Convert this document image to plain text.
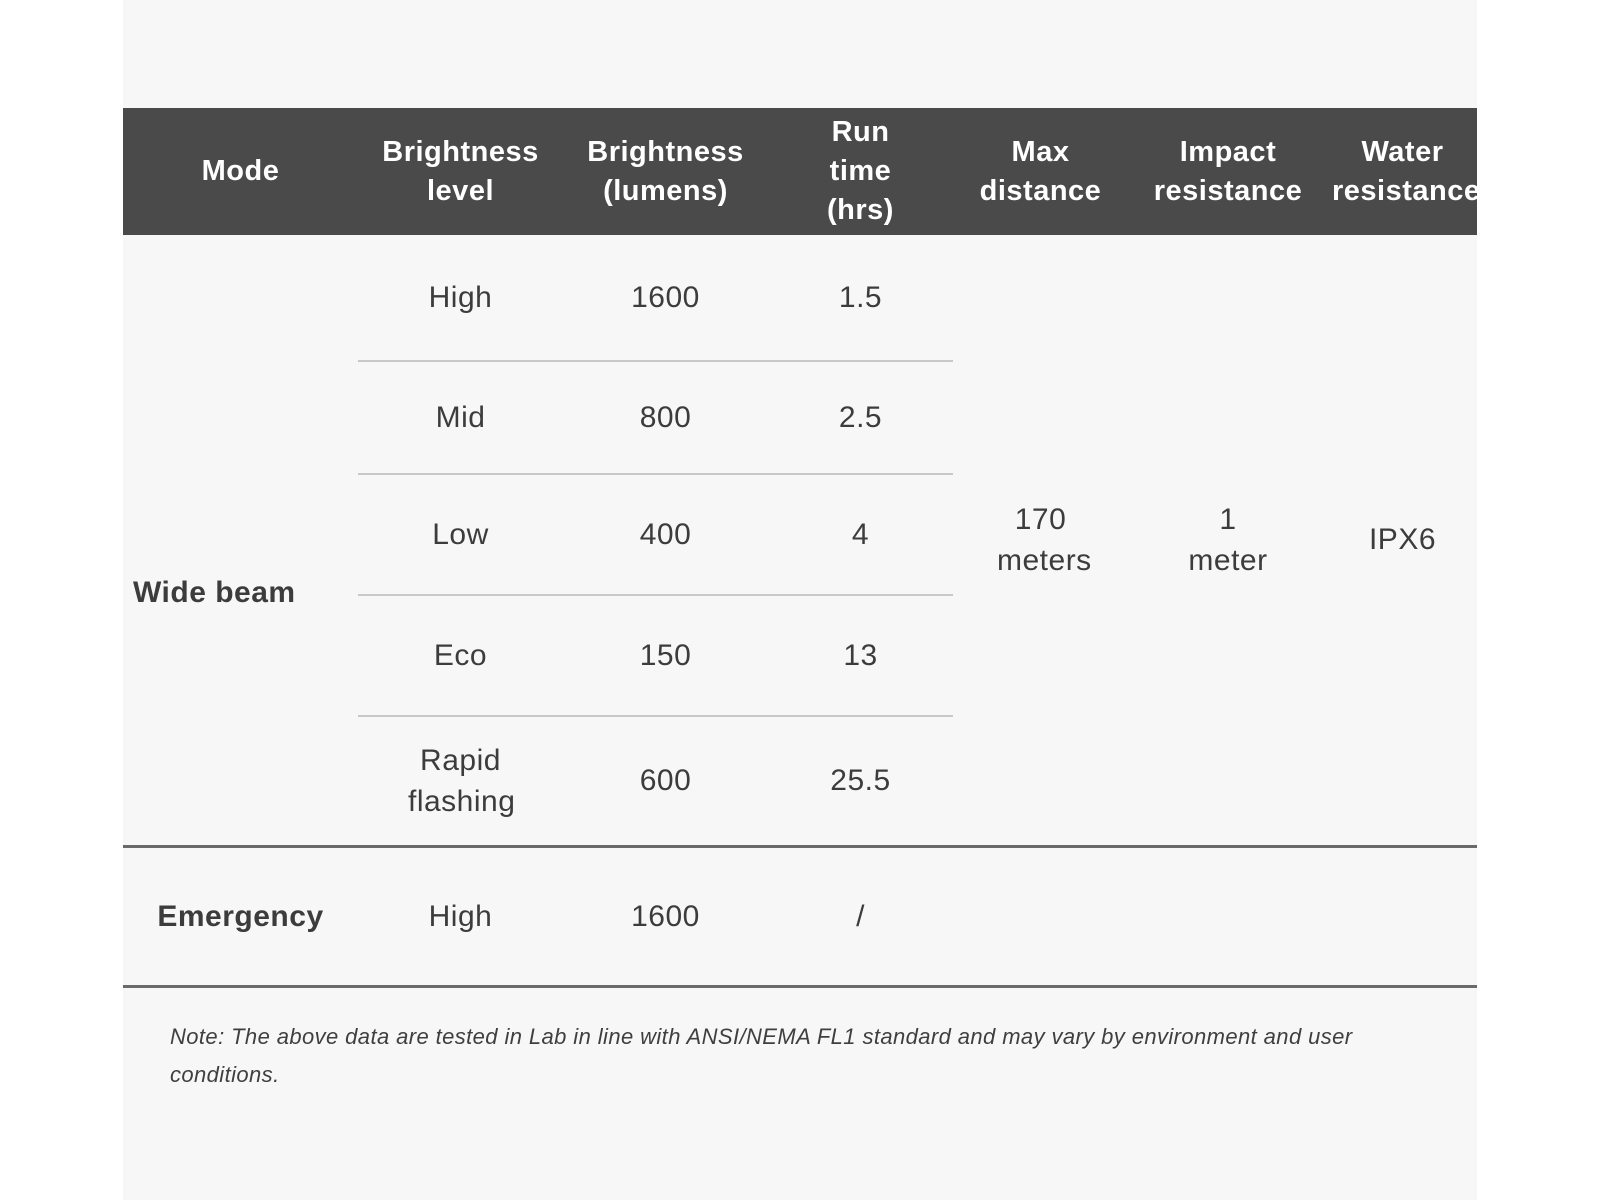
Mode	Brightness level	Brightness (lumens)	Run time (hrs)	Max distance	Impact resistance	Water resistance
Wide beam	High	1600	1.5	170 meters	1 meter	IPX6
	Mid	800	2.5			
	Low	400	4			
	Eco	150	13			
	Rapid flashing	600	25.5			
Emergency	High	1600	/			

Note: The above data are tested in Lab in line with ANSI/NEMA FL1 standard and may vary by environment and user conditions.
